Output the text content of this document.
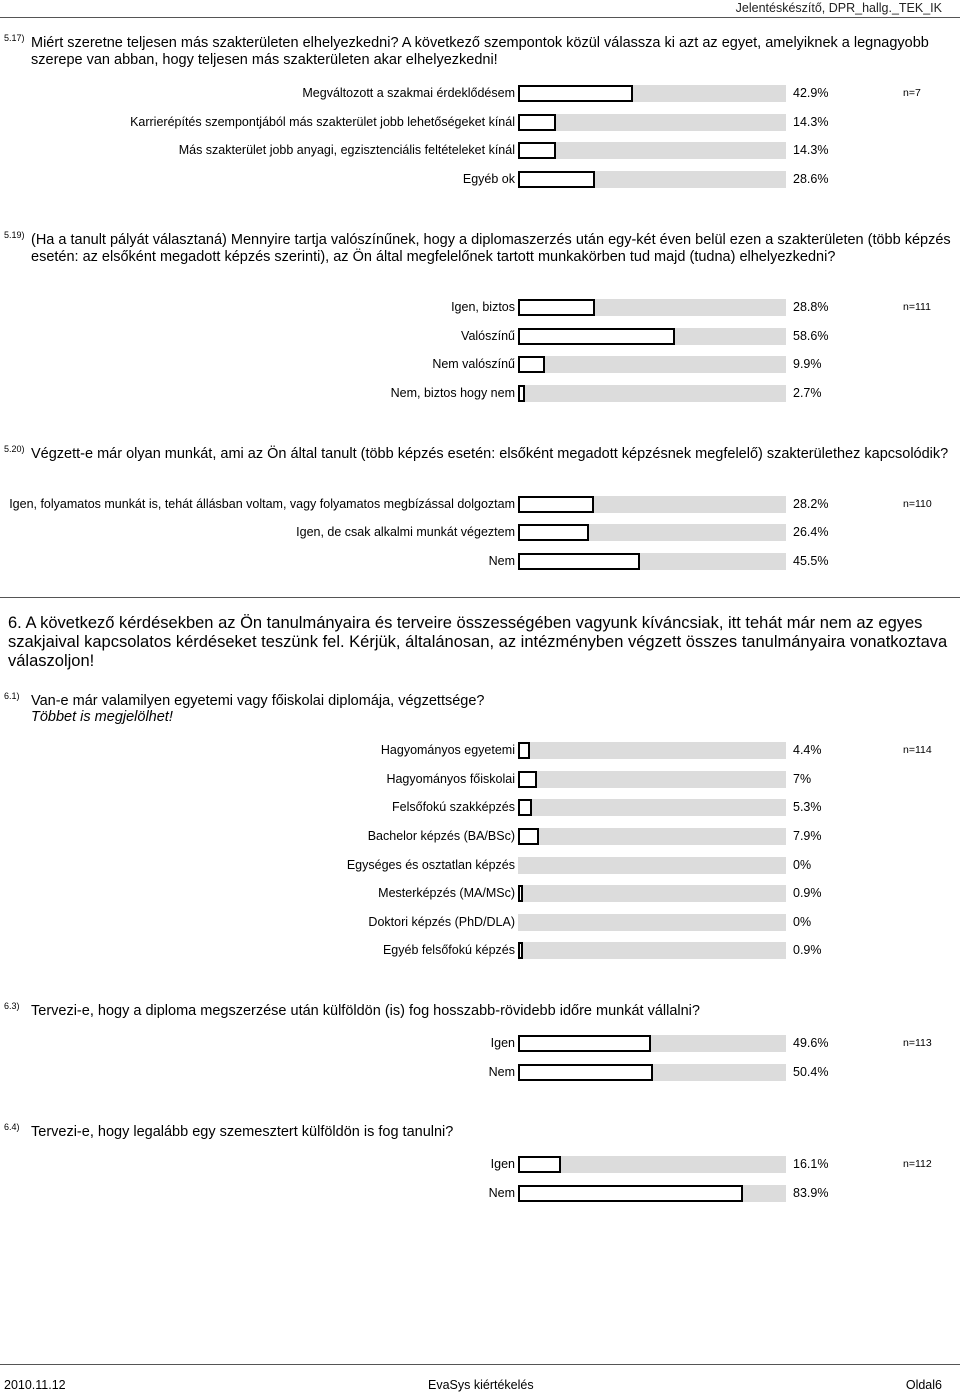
Jelentéskészítő, DPR_hallg._TEK_IK
5.17) Miért szeretne teljesen más szakterületen elhelyezkedni? A következő szempontok közül válassza ki azt az egyet, amelyiknek a legnagyobb szerepe van abban, hogy teljesen más szakterületen akar elhelyezkedni!
n=7
Megváltozott a szakmai érdeklődésem	42.9%
Karrierépítés szempontjából más szakterület jobb lehetőségeket kínál	14.3%
Más szakterület jobb anyagi, egzisztenciális feltételeket kínál	14.3%
Egyéb ok	28.6%
5.19) (Ha a tanult pályát választaná) Mennyire tartja valószínűnek, hogy a diplomaszerzés után egy-két éven belül ezen a szakterületen (több képzés esetén: az elsőként megadott képzés szerinti), az Ön által megfelelőnek tartott munkakörben tud majd (tudna) elhelyezkedni?
n=111
Igen, biztos	28.8%
Valószínű	58.6%
Nem valószínű	9.9%
Nem, biztos hogy nem	2.7%
5.20) Végzett-e már olyan munkát, ami az Ön által tanult (több képzés esetén: elsőként megadott képzésnek megfelelő) szakterülethez kapcsolódik?
n=110
Igen, folyamatos munkát is, tehát állásban voltam, vagy folyamatos megbízással dolgoztam	28.2%
Igen, de csak alkalmi munkát végeztem	26.4%
Nem	45.5%
6. A következő kérdésekben az Ön tanulmányaira és terveire összességében vagyunk kíváncsiak, itt tehát már nem az egyes szakjaival kapcsolatos kérdéseket teszünk fel. Kérjük, általánosan, az intézményben végzett összes tanulmányaira vonatkoztava válaszoljon!
6.1) Van-e már valamilyen egyetemi vagy főiskolai diplomája, végzettsége?
Többet is megjelölhet!
n=114
Hagyományos egyetemi	4.4%
Hagyományos főiskolai	7%
Felsőfokú szakképzés	5.3%
Bachelor képzés (BA/BSc)	7.9%
Egységes és osztatlan képzés	0%
Mesterképzés (MA/MSc)	0.9%
Doktori képzés (PhD/DLA)	0%
Egyéb felsőfokú képzés	0.9%
6.3) Tervezi-e, hogy a diploma megszerzése után külföldön (is) fog hosszabb-rövidebb időre munkát vállalni?
n=113
Igen	49.6%
Nem	50.4%
6.4) Tervezi-e, hogy legalább egy szemesztert külföldön is fog tanulni?
n=112
Igen	16.1%
Nem	83.9%
2010.11.12	EvaSys kiértékelés	Oldal6
